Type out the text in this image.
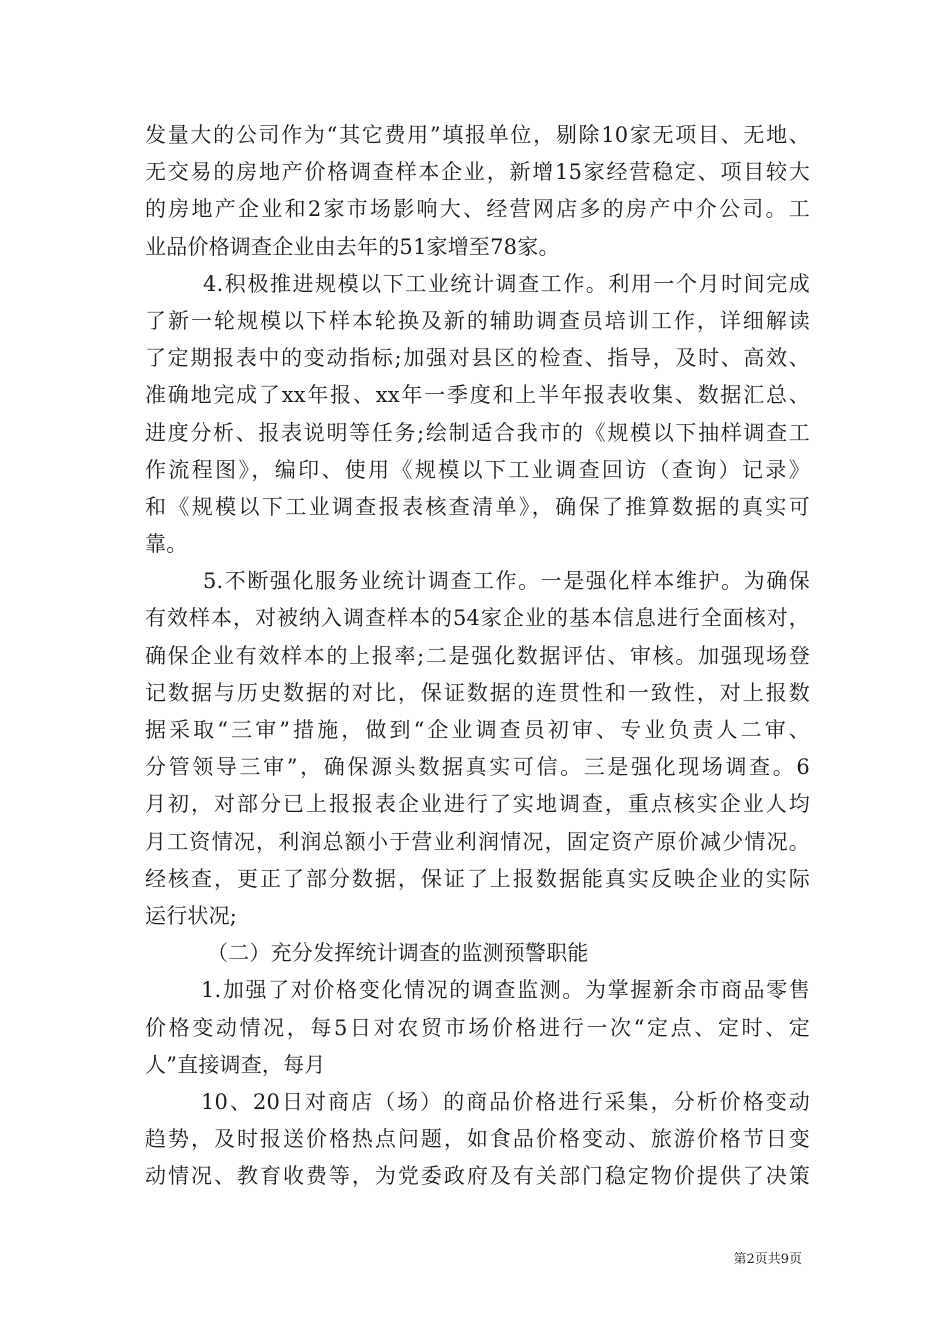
发量大的公司作为“其它费用”填报单位，剔除10家无项目、无地、
无交易的房地产价格调查样本企业，新增15家经营稳定、项目较大
的房地产企业和2家市场影响大、经营网店多的房产中介公司。工
业品价格调查企业由去年的51家增至78家。
4.积极推进规模以下工业统计调查工作。利用一个月时间完成
了新一轮规模以下样本轮换及新的辅助调查员培训工作，详细解读
了定期报表中的变动指标;加强对县区的检查、指导，及时、高效、
准确地完成了xx年报、xx年一季度和上半年报表收集、数据汇总、
进度分析、报表说明等任务;绘制适合我市的《规模以下抽样调查工
作流程图》，编印、使用《规模以下工业调查回访（查询）记录》
和《规模以下工业调查报表核查清单》，确保了推算数据的真实可
靠。
5.不断强化服务业统计调查工作。一是强化样本维护。为确保
有效样本，对被纳入调查样本的54家企业的基本信息进行全面核对，
确保企业有效样本的上报率;二是强化数据评估、审核。加强现场登
记数据与历史数据的对比，保证数据的连贯性和一致性，对上报数
据采取“三审”措施，做到“企业调查员初审、专业负责人二审、
分管领导三审”，确保源头数据真实可信。三是强化现场调查。6
月初，对部分已上报报表企业进行了实地调查，重点核实企业人均
月工资情况，利润总额小于营业利润情况，固定资产原价减少情况。
经核查，更正了部分数据，保证了上报数据能真实反映企业的实际
运行状况;
（二）充分发挥统计调查的监测预警职能
1.加强了对价格变化情况的调查监测。为掌握新余市商品零售
价格变动情况，每5日对农贸市场价格进行一次“定点、定时、定
人”直接调查，每月
10、20日对商店（场）的商品价格进行采集，分析价格变动
趋势，及时报送价格热点问题，如食品价格变动、旅游价格节日变
动情况、教育收费等，为党委政府及有关部门稳定物价提供了决策
第2页共9页
